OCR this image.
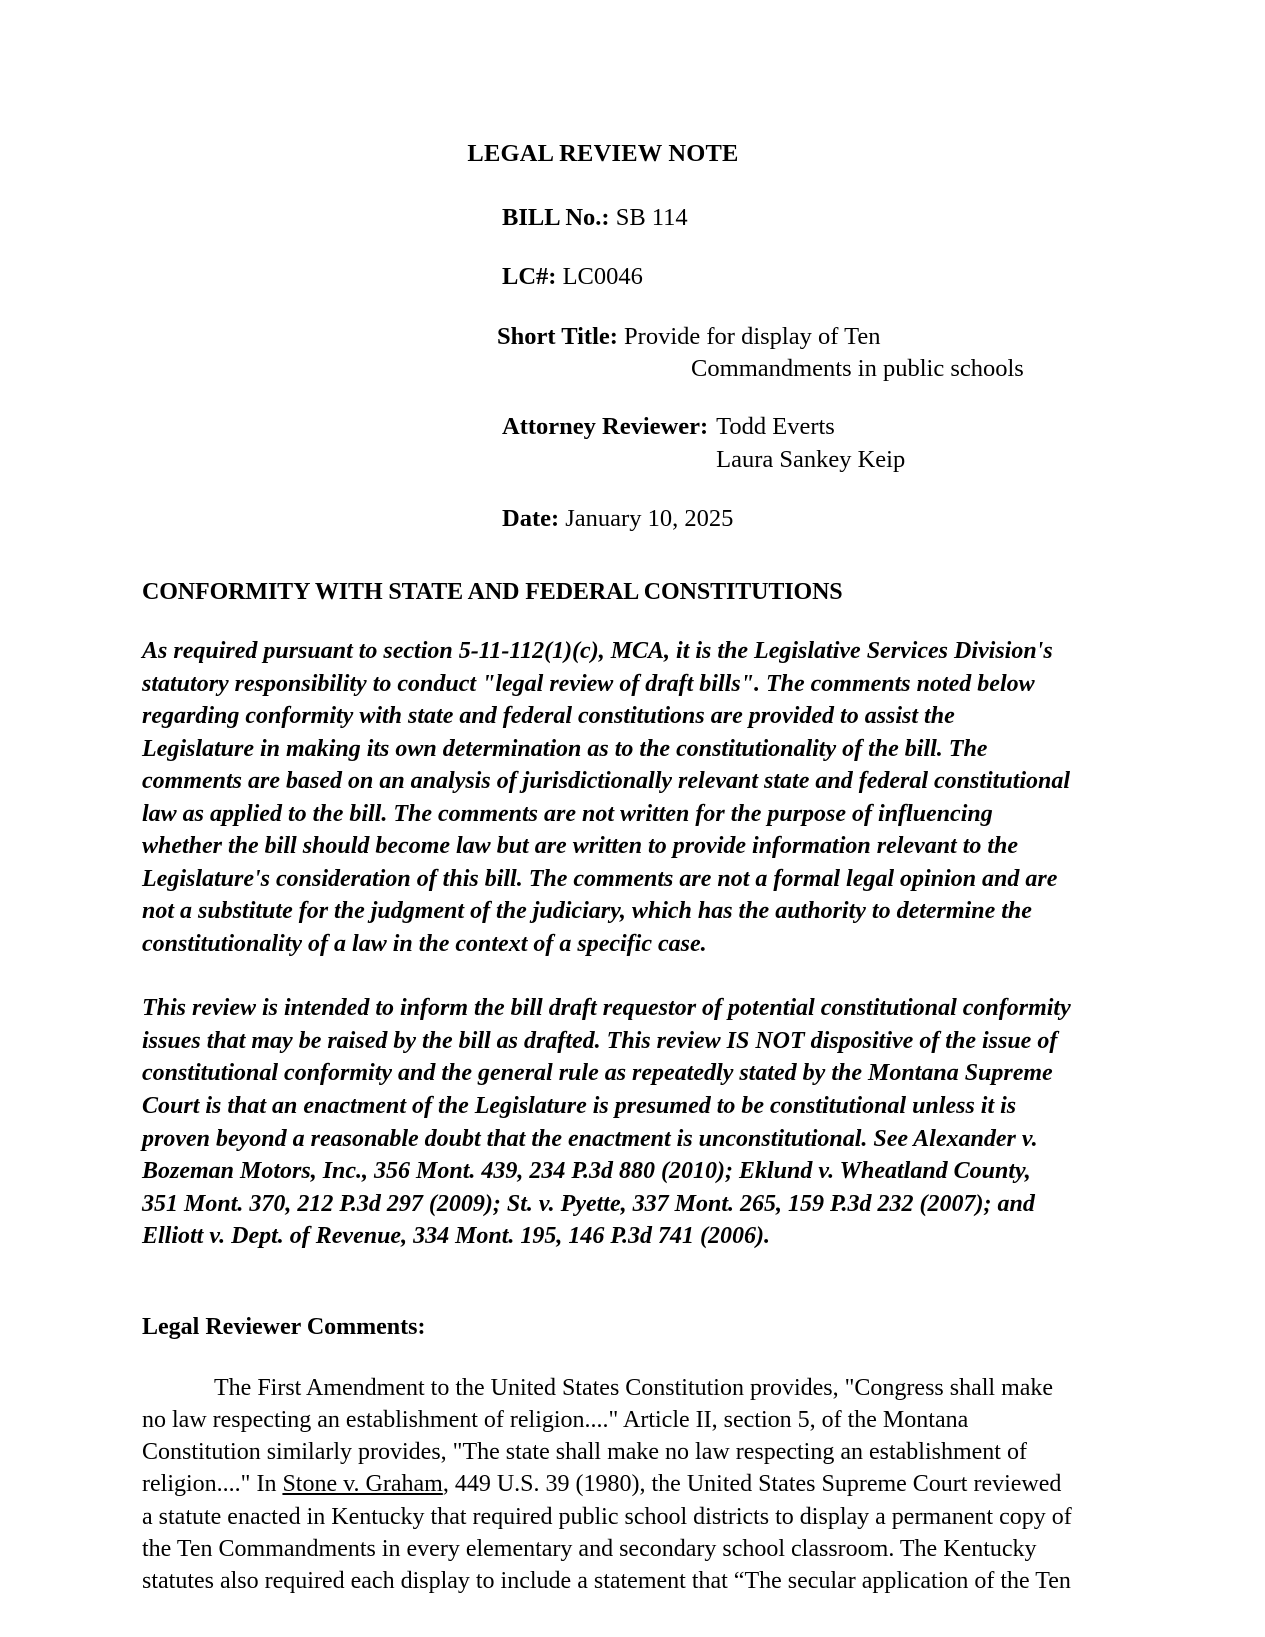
LEGAL REVIEW NOTE
BILL No.:
SB 114
LC#:
LC0046
Short Title:
Provide for display of Ten
Commandments in public schools
Attorney Reviewer: Todd Everts
Laura Sankey Keip
Date:
January 10, 2025
CONFORMITY WITH STATE AND FEDERAL CONSTITUTIONS
As required pursuant to section 5-11-112(1)(c), MCA, it is the Legislative Services Division's statutory responsibility to conduct "legal review of draft bills". The comments noted below regarding conformity with state and federal constitutions are provided to assist the Legislature in making its own determination as to the constitutionality of the bill. The comments are based on an analysis of jurisdictionally relevant state and federal constitutional law as applied to the bill. The comments are not written for the purpose of influencing whether the bill should become law but are written to provide information relevant to the Legislature's consideration of this bill. The comments are not a formal legal opinion and are not a substitute for the judgment of the judiciary, which has the authority to determine the constitutionality of a law in the context of a specific case.
This review is intended to inform the bill draft requestor of potential constitutional conformity issues that may be raised by the bill as drafted. This review IS NOT dispositive of the issue of constitutional conformity and the general rule as repeatedly stated by the Montana Supreme Court is that an enactment of the Legislature is presumed to be constitutional unless it is proven beyond a reasonable doubt that the enactment is unconstitutional. See Alexander v. Bozeman Motors, Inc., 356 Mont. 439, 234 P.3d 880 (2010); Eklund v. Wheatland County, 351 Mont. 370, 212 P.3d 297 (2009); St. v. Pyette, 337 Mont. 265, 159 P.3d 232 (2007); and Elliott v. Dept. of Revenue, 334 Mont. 195, 146 P.3d 741 (2006).
Legal Reviewer Comments:
The First Amendment to the United States Constitution provides, "Congress shall make no law respecting an establishment of religion...." Article II, section 5, of the Montana Constitution similarly provides, "The state shall make no law respecting an establishment of religion...." In Stone v. Graham, 449 U.S. 39 (1980), the United States Supreme Court reviewed a statute enacted in Kentucky that required public school districts to display a permanent copy of the Ten Commandments in every elementary and secondary school classroom. The Kentucky statutes also required each display to include a statement that “The secular application of the Ten
